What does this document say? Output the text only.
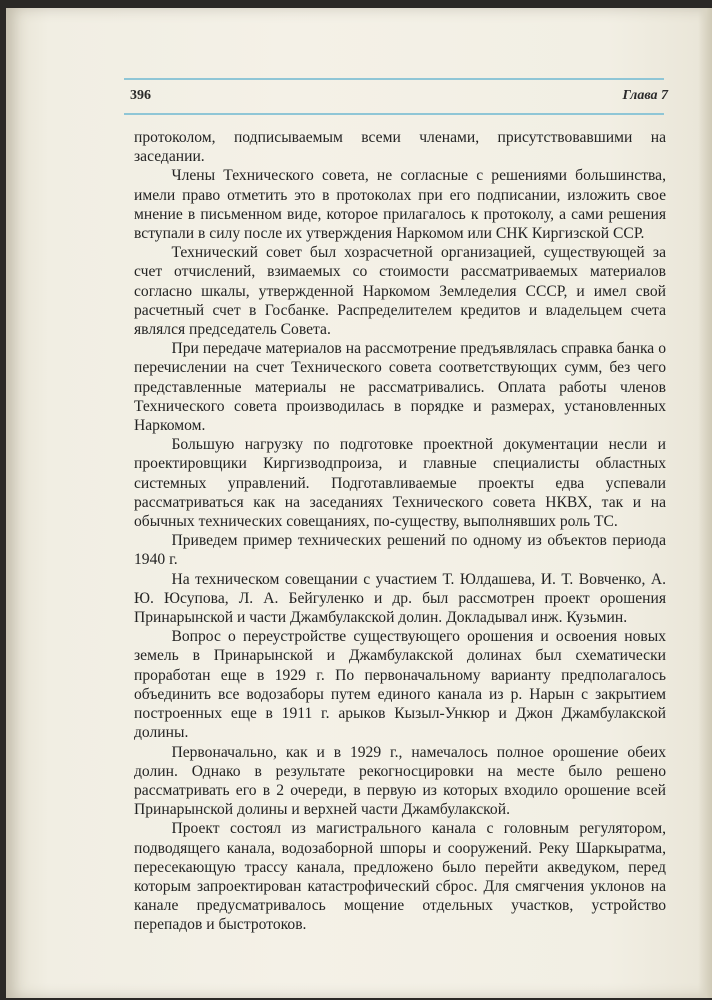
396	Глава 7

протоколом, подписываемым всеми членами, присутствовавшими на заседании.

Члены Технического совета, не согласные с решениями большинства, имели право отметить это в протоколах при его подписании, изложить свое мнение в письменном виде, которое прилагалось к протоколу, а сами решения вступали в силу после их утверждения Наркомом или СНК Киргизской ССР.

Технический совет был хозрасчетной организацией, существующей за счет отчислений, взимаемых со стоимости рассматриваемых материалов согласно шкалы, утвержденной Наркомом Земледелия СССР, и имел свой расчетный счет в Госбанке. Распределителем кредитов и владельцем счета являлся председатель Совета.

При передаче материалов на рассмотрение предъявлялась справка банка о перечислении на счет Технического совета соответствующих сумм, без чего представленные материалы не рассматривались. Оплата работы членов Технического совета производилась в порядке и размерах, установленных Наркомом.

Большую нагрузку по подготовке проектной документации несли и проектировщики Киргизводпроиза, и главные специалисты областных системных управлений. Подготавливаемые проекты едва успевали рассматриваться как на заседаниях Технического совета НКВХ, так и на обычных технических совещаниях, по-существу, выполнявших роль ТС.

Приведем пример технических решений по одному из объектов периода 1940 г.

На техническом совещании с участием Т. Юлдашева, И. Т. Вовченко, А. Ю. Юсупова, Л. А. Бейгуленко и др. был рассмотрен проект орошения Принарынской и части Джамбулакской долин. Докладывал инж. Кузьмин.

Вопрос о переустройстве существующего орошения и освоения новых земель в Принарынской и Джамбулакской долинах был схематически проработан еще в 1929 г. По первоначальному варианту предполагалось объединить все водозаборы путем единого канала из р. Нарын с закрытием построенных еще в 1911 г. арыков Кызыл-Ункюр и Джон Джамбулакской долины.

Первоначально, как и в 1929 г., намечалось полное орошение обеих долин. Однако в результате рекогносцировки на месте было решено рассматривать его в 2 очереди, в первую из которых входило орошение всей Принарынской долины и верхней части Джамбулакской.

Проект состоял из магистрального канала с головным регулятором, подводящего канала, водозаборной шпоры и сооружений. Реку Шаркыратма, пересекающую трассу канала, предложено было перейти акведуком, перед которым запроектирован катастрофический сброс. Для смягчения уклонов на канале предусматривалось мощение отдельных участков, устройство перепадов и быстротоков.
